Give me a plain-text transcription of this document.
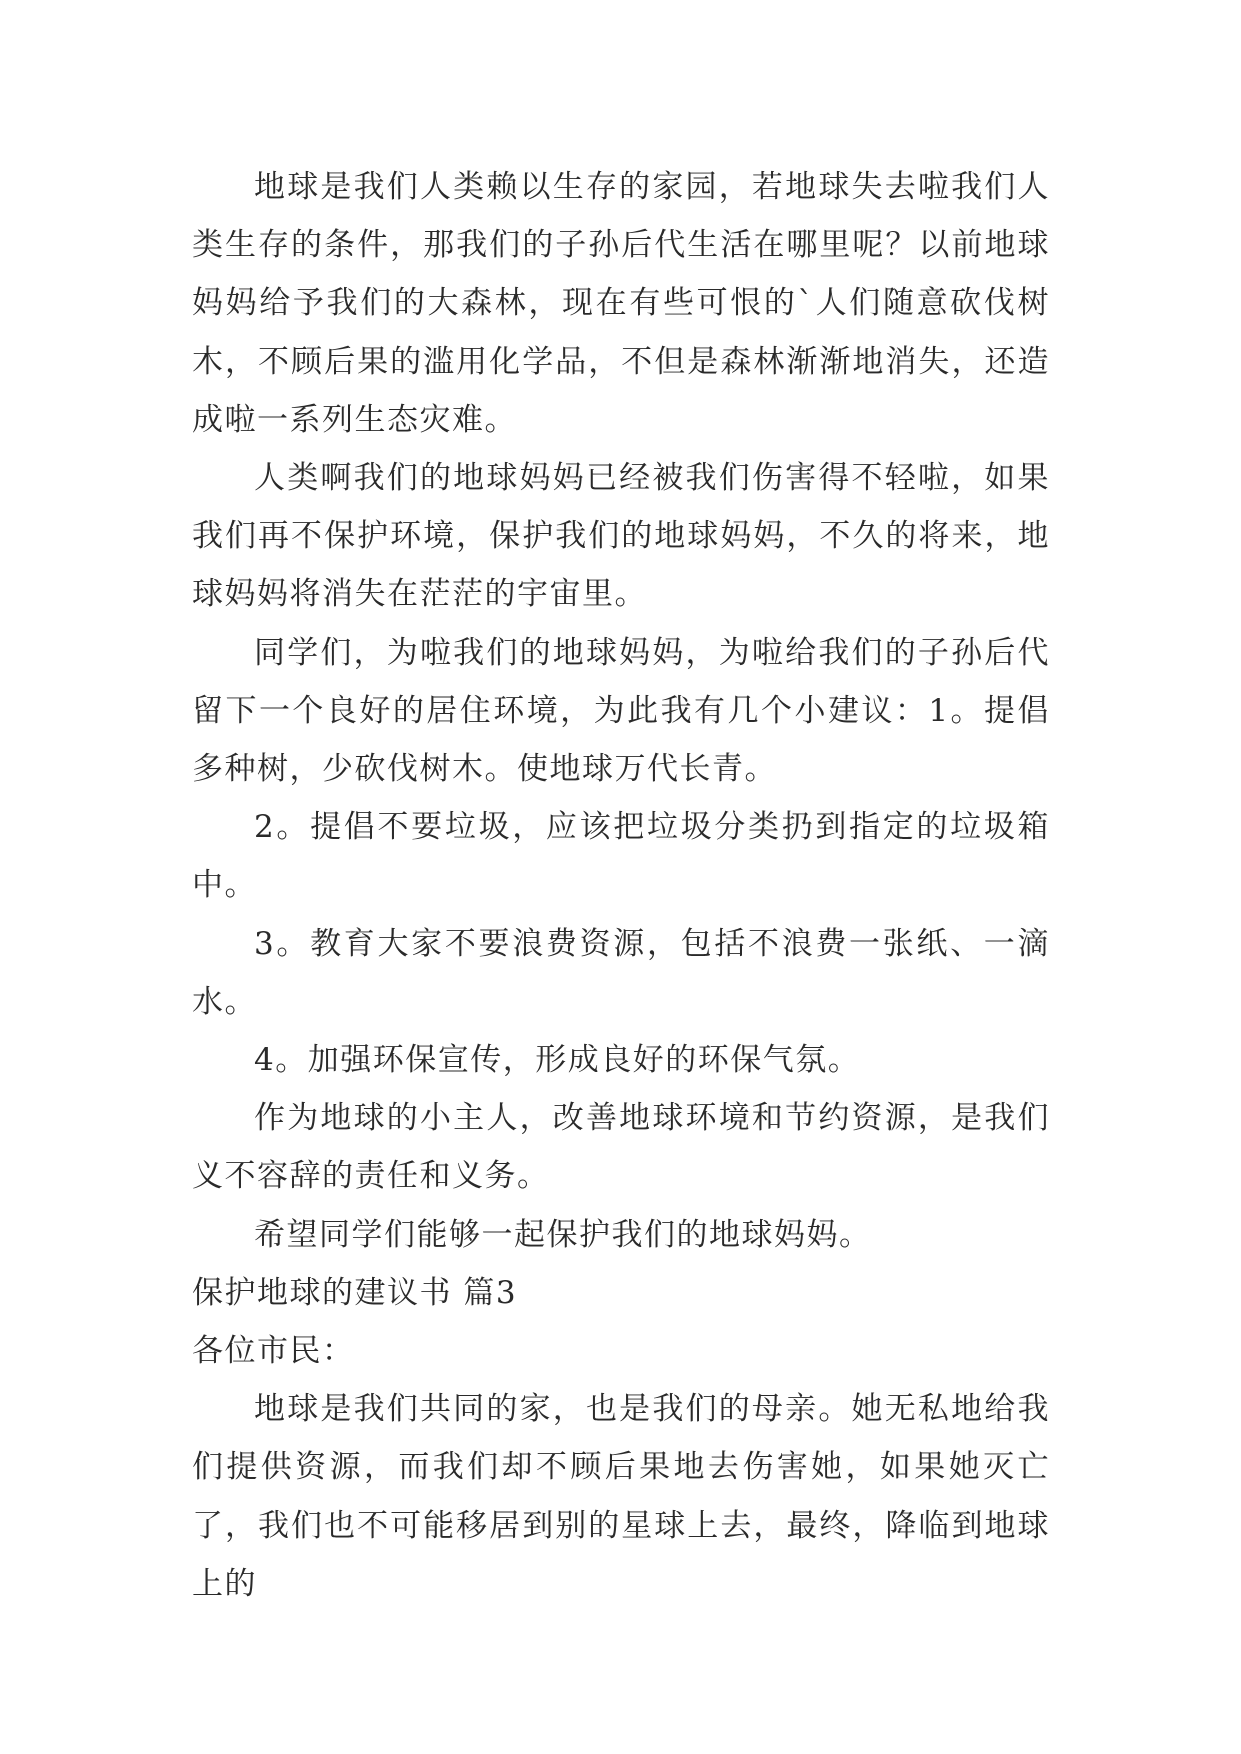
地球是我们人类赖以生存的家园，若地球失去啦我们人类生存的条件，那我们的子孙后代生活在哪里呢？以前地球妈妈给予我们的大森林，现在有些可恨的`人们随意砍伐树木，不顾后果的滥用化学品，不但是森林渐渐地消失，还造成啦一系列生态灾难。

人类啊我们的地球妈妈已经被我们伤害得不轻啦，如果我们再不保护环境，保护我们的地球妈妈，不久的将来，地球妈妈将消失在茫茫的宇宙里。

同学们，为啦我们的地球妈妈，为啦给我们的子孙后代留下一个良好的居住环境，为此我有几个小建议：1。提倡多种树，少砍伐树木。使地球万代长青。

2。提倡不要垃圾，应该把垃圾分类扔到指定的垃圾箱中。

3。教育大家不要浪费资源，包括不浪费一张纸、一滴水。

4。加强环保宣传，形成良好的环保气氛。

作为地球的小主人，改善地球环境和节约资源，是我们义不容辞的责任和义务。

希望同学们能够一起保护我们的地球妈妈。

保护地球的建议书 篇3

各位市民：

地球是我们共同的家，也是我们的母亲。她无私地给我们提供资源，而我们却不顾后果地去伤害她，如果她灭亡了，我们也不可能移居到别的星球上去，最终，降临到地球上的
